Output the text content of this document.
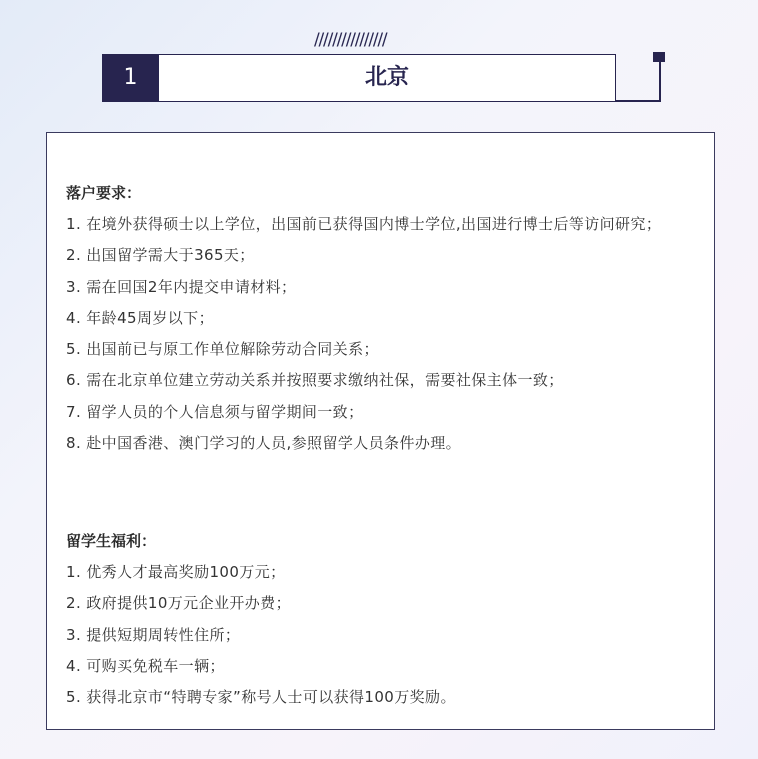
////////////////
1	北京
落户要求：
1. 在境外获得硕士以上学位，出国前已获得国内博士学位,出国进行博士后等访问研究；
2. 出国留学需大于365天；
3. 需在回国2年内提交申请材料；
4. 年龄45周岁以下；
5. 出国前已与原工作单位解除劳动合同关系；
6. 需在北京单位建立劳动关系并按照要求缴纳社保，需要社保主体一致；
7. 留学人员的个人信息须与留学期间一致；
8. 赴中国香港、澳门学习的人员,参照留学人员条件办理。
留学生福利：
1. 优秀人才最高奖励100万元；
2. 政府提供10万元企业开办费；
3. 提供短期周转性住所；
4. 可购买免税车一辆；
5. 获得北京市“特聘专家”称号人士可以获得100万奖励。
